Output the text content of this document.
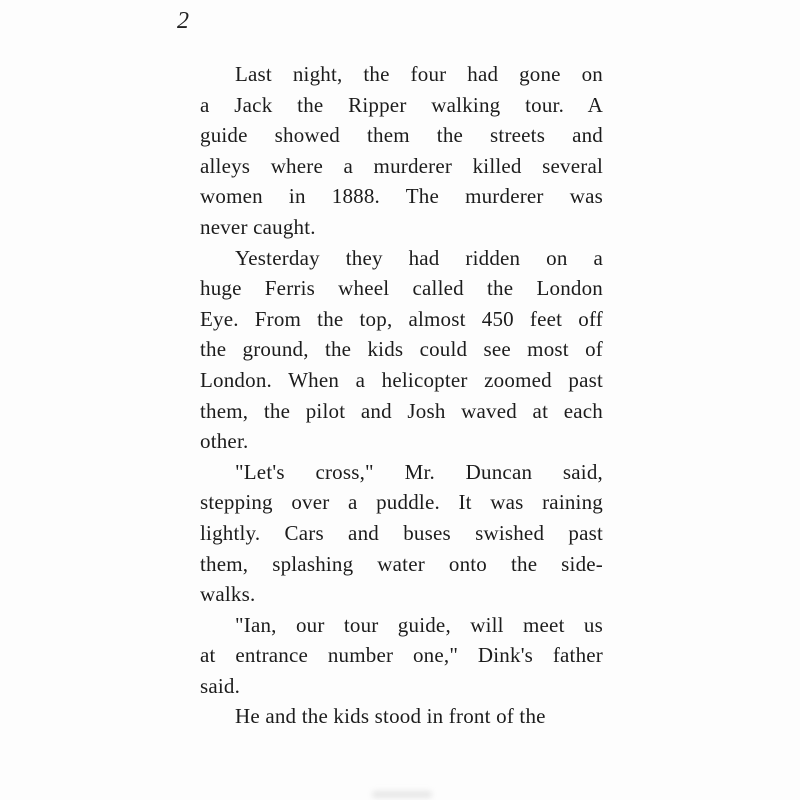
2
Last night, the four had gone on
a Jack the Ripper walking tour. A
guide showed them the streets and
alleys where a murderer killed several
women in 1888. The murderer was
never caught.
Yesterday they had ridden on a
huge Ferris wheel called the London
Eye. From the top, almost 450 feet off
the ground, the kids could see most of
London. When a helicopter zoomed past
them, the pilot and Josh waved at each
other.
"Let's cross," Mr. Duncan said,
stepping over a puddle. It was raining
lightly. Cars and buses swished past
them, splashing water onto the side-
walks.
"Ian, our tour guide, will meet us
at entrance number one," Dink's father
said.
He and the kids stood in front of the
